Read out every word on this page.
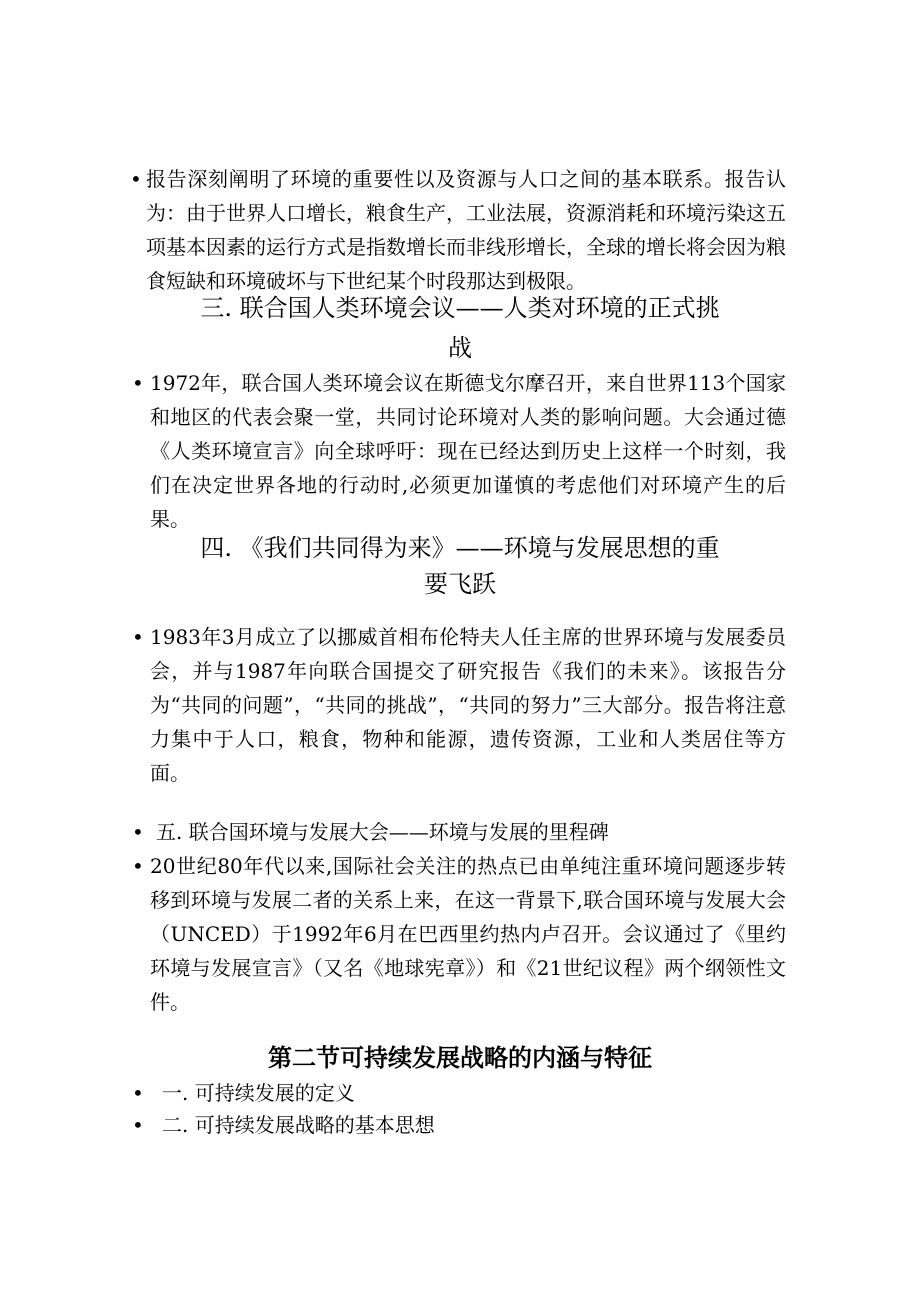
• 报告深刻阐明了环境的重要性以及资源与人口之间的基本联系。报告认为：由于世界人口增长，粮食生产，工业法展，资源消耗和环境污染这五项基本因素的运行方式是指数增长而非线形增长，全球的增长将会因为粮食短缺和环境破坏与下世纪某个时段那达到极限。

三. 联合国人类环境会议——人类对环境的正式挑

战

• 1972年，联合国人类环境会议在斯德戈尔摩召开，来自世界113个国家和地区的代表会聚一堂，共同讨论环境对人类的影响问题。大会通过德《人类环境宣言》向全球呼吁：现在已经达到历史上这样一个时刻，我们在决定世界各地的行动时,必须更加谨慎的考虑他们对环境产生的后果。

四. 《我们共同得为来》——环境与发展思想的重

要飞跃

• 1983年3月成立了以挪威首相布伦特夫人任主席的世界环境与发展委员会，并与1987年向联合国提交了研究报告《我们的未来》。该报告分为“共同的问题”，“共同的挑战”，“共同的努力”三大部分。报告将注意力集中于人口，粮食，物种和能源，遗传资源，工业和人类居住等方面。

• 五. 联合国环境与发展大会——环境与发展的里程碑
• 20世纪80年代以来,国际社会关注的热点已由单纯注重环境问题逐步转移到环境与发展二者的关系上来，在这一背景下,联合国环境与发展大会（UNCED）于1992年6月在巴西里约热内卢召开。会议通过了《里约环境与发展宣言》（又名《地球宪章》）和《21世纪议程》两个纲领性文件。

第二节可持续发展战略的内涵与特征

• 一. 可持续发展的定义
• 二. 可持续发展战略的基本思想
